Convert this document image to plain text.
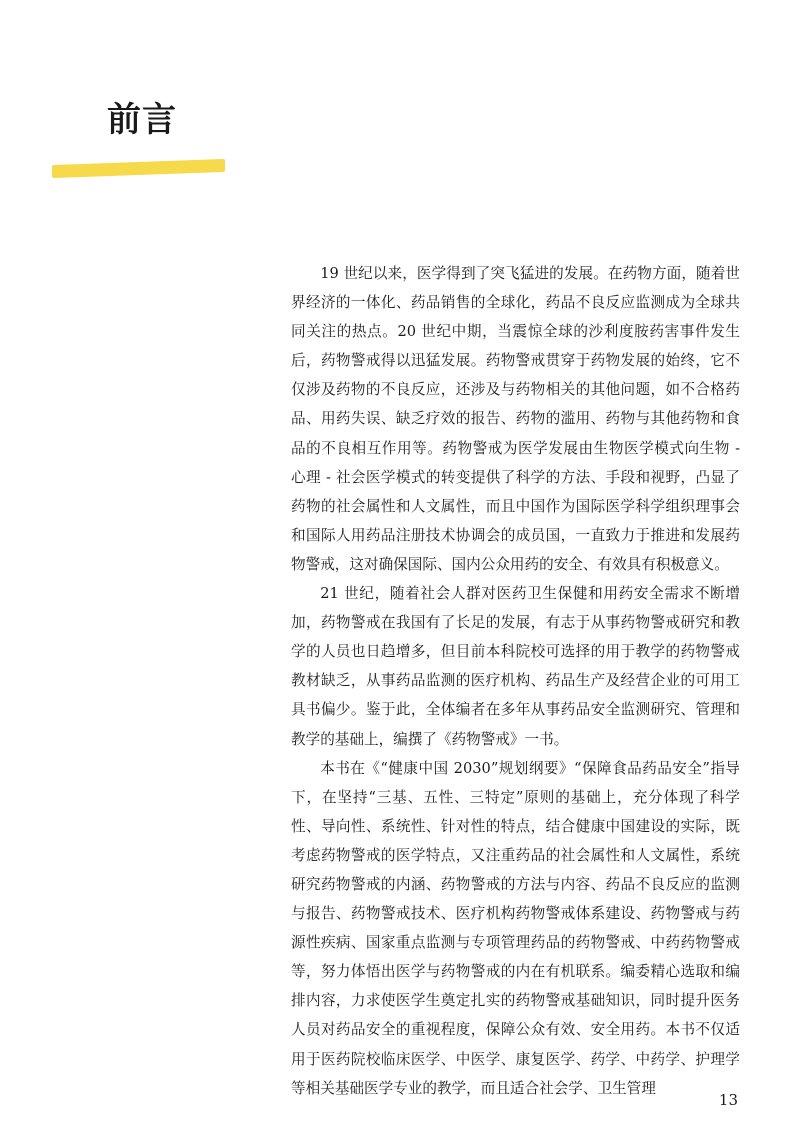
前言

19 世纪以来，医学得到了突飞猛进的发展。在药物方面，随着世界经济的一体化、药品销售的全球化，药品不良反应监测成为全球共同关注的热点。20 世纪中期，当震惊全球的沙利度胺药害事件发生后，药物警戒得以迅猛发展。药物警戒贯穿于药物发展的始终，它不仅涉及药物的不良反应，还涉及与药物相关的其他问题，如不合格药品、用药失误、缺乏疗效的报告、药物的滥用、药物与其他药物和食品的不良相互作用等。药物警戒为医学发展由生物医学模式向生物 - 心理 - 社会医学模式的转变提供了科学的方法、手段和视野，凸显了药物的社会属性和人文属性，而且中国作为国际医学科学组织理事会和国际人用药品注册技术协调会的成员国，一直致力于推进和发展药物警戒，这对确保国际、国内公众用药的安全、有效具有积极意义。

21 世纪，随着社会人群对医药卫生保健和用药安全需求不断增加，药物警戒在我国有了长足的发展，有志于从事药物警戒研究和教学的人员也日趋增多，但目前本科院校可选择的用于教学的药物警戒教材缺乏，从事药品监测的医疗机构、药品生产及经营企业的可用工具书偏少。鉴于此，全体编者在多年从事药品安全监测研究、管理和教学的基础上，编撰了《药物警戒》一书。

本书在《“健康中国 2030”规划纲要》“保障食品药品安全”指导下，在坚持“三基、五性、三特定”原则的基础上，充分体现了科学性、导向性、系统性、针对性的特点，结合健康中国建设的实际，既考虑药物警戒的医学特点，又注重药品的社会属性和人文属性，系统研究药物警戒的内涵、药物警戒的方法与内容、药品不良反应的监测与报告、药物警戒技术、医疗机构药物警戒体系建设、药物警戒与药源性疾病、国家重点监测与专项管理药品的药物警戒、中药药物警戒等，努力体悟出医学与药物警戒的内在有机联系。编委精心选取和编排内容，力求使医学生奠定扎实的药物警戒基础知识，同时提升医务人员对药品安全的重视程度，保障公众有效、安全用药。本书不仅适用于医药院校临床医学、中医学、康复医学、药学、中药学、护理学等相关基础医学专业的教学，而且适合社会学、卫生管理

13
